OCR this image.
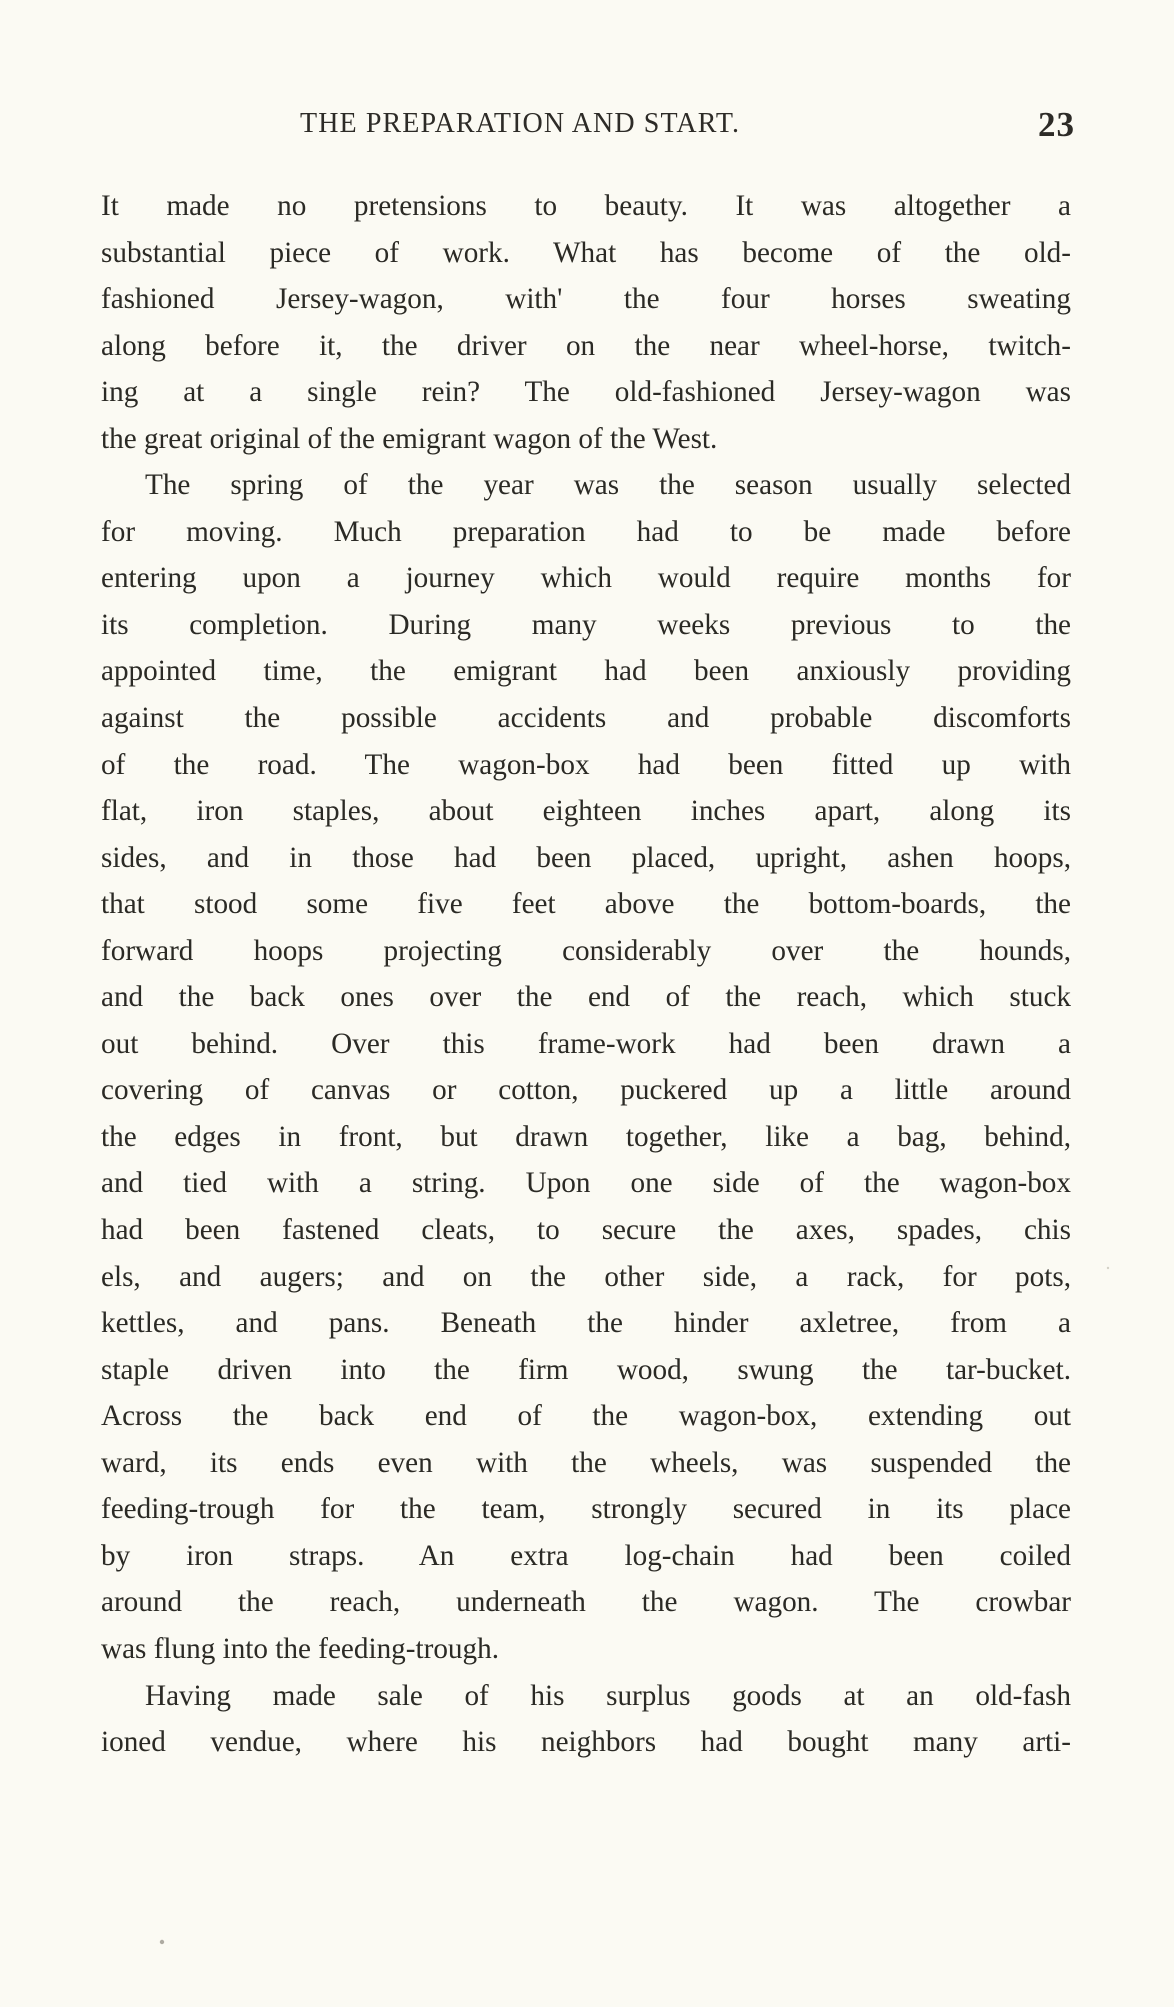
THE PREPARATION AND START.	23
It made no pretensions to beauty. It was altogether a
substantial piece of work. What has become of the old-
fashioned Jersey-wagon, with' the four horses sweating
along before it, the driver on the near wheel-horse, twitch-
ing at a single rein? The old-fashioned Jersey-wagon was
the great original of the emigrant wagon of the West.
The spring of the year was the season usually selected
for moving. Much preparation had to be made before
entering upon a journey which would require months for
its completion. During many weeks previous to the
appointed time, the emigrant had been anxiously providing
against the possible accidents and probable discomforts
of the road. The wagon-box had been fitted up with
flat, iron staples, about eighteen inches apart, along its
sides, and in those had been placed, upright, ashen hoops,
that stood some five feet above the bottom-boards, the
forward hoops projecting considerably over the hounds,
and the back ones over the end of the reach, which stuck
out behind. Over this frame-work had been drawn a
covering of canvas or cotton, puckered up a little around
the edges in front, but drawn together, like a bag, behind,
and tied with a string. Upon one side of the wagon-box
had been fastened cleats, to secure the axes, spades, chis
els, and augers; and on the other side, a rack, for pots,
kettles, and pans. Beneath the hinder axletree, from a
staple driven into the firm wood, swung the tar-bucket.
Across the back end of the wagon-box, extending out
ward, its ends even with the wheels, was suspended the
feeding-trough for the team, strongly secured in its place
by iron straps. An extra log-chain had been coiled
around the reach, underneath the wagon. The crowbar
was flung into the feeding-trough.
Having made sale of his surplus goods at an old-fash
ioned vendue, where his neighbors had bought many arti-
